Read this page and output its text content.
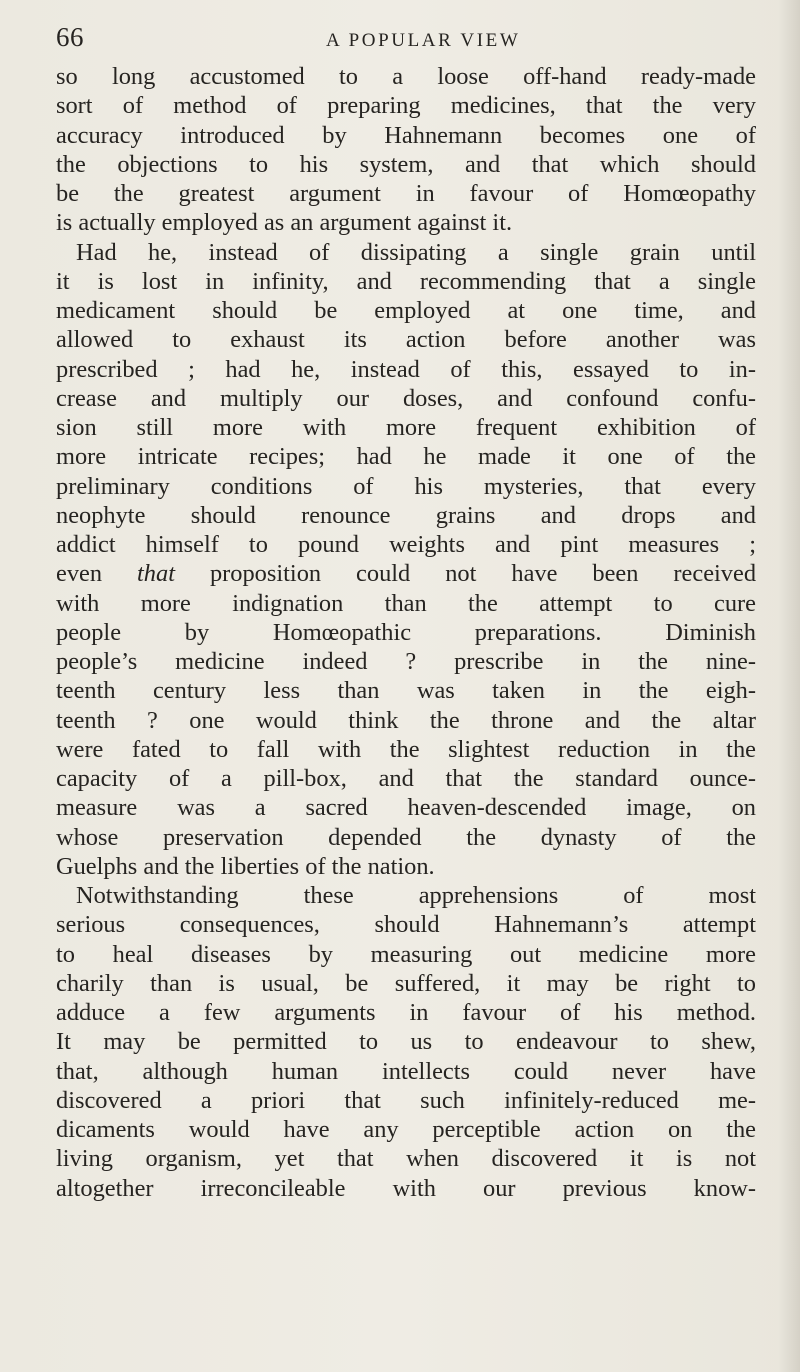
66	A POPULAR VIEW
so long accustomed to a loose off-hand ready-made
sort of method of preparing medicines, that the very
accuracy introduced by Hahnemann becomes one of
the objections to his system, and that which should
be the greatest argument in favour of Homœopathy
is actually employed as an argument against it.
Had he, instead of dissipating a single grain until
it is lost in infinity, and recommending that a single
medicament should be employed at one time, and
allowed to exhaust its action before another was
prescribed ; had he, instead of this, essayed to in-
crease and multiply our doses, and confound confu-
sion still more with more frequent exhibition of
more intricate recipes; had he made it one of the
preliminary conditions of his mysteries, that every
neophyte should renounce grains and drops and
addict himself to pound weights and pint measures ;
even that proposition could not have been received
with more indignation than the attempt to cure
people by Homœopathic preparations. Diminish
people’s medicine indeed ? prescribe in the nine-
teenth century less than was taken in the eigh-
teenth ? one would think the throne and the altar
were fated to fall with the slightest reduction in the
capacity of a pill-box, and that the standard ounce-
measure was a sacred heaven-descended image, on
whose preservation depended the dynasty of the
Guelphs and the liberties of the nation.
Notwithstanding these apprehensions of most
serious consequences, should Hahnemann’s attempt
to heal diseases by measuring out medicine more
charily than is usual, be suffered, it may be right to
adduce a few arguments in favour of his method.
It may be permitted to us to endeavour to shew,
that, although human intellects could never have
discovered a priori that such infinitely-reduced me-
dicaments would have any perceptible action on the
living organism, yet that when discovered it is not
altogether irreconcileable with our previous know-
